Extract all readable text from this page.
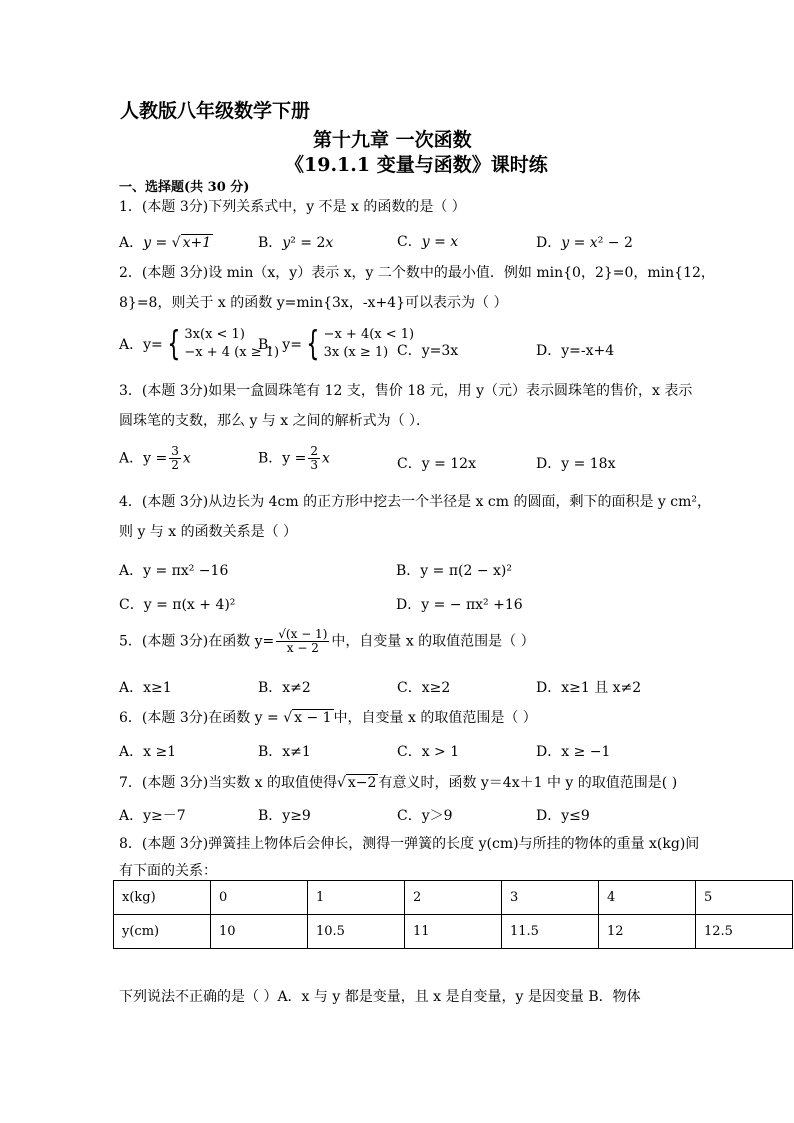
人教版八年级数学下册
第十九章 一次函数
《19.1.1 变量与函数》课时练
一、选择题(共 30 分)
1．(本题 3分)下列关系式中，y 不是 x 的函数的是（ ）
A．y = √ x+1	B．y² = 2x	C．y = x	D．y = x² − 2
2．(本题 3分)设 min（x，y）表示 x，y 二个数中的最小值．例如 min{0，2}=0，min{12，
8}=8，则关于 x 的函数 y=min{3x，-x+4}可以表示为（ ）
A．y= { 3x(x < 1)
−x + 4 (x ≥ 1)
B．y= { −x + 4(x < 1)
3x (x ≥ 1) C．y=3x	D．y=-x+4
3．(本题 3分)如果一盒圆珠笔有 12 支，售价 18 元，用 y（元）表示圆珠笔的售价，x 表示
圆珠笔的支数，那么 y 与 x 之间的解析式为（ ）．
A．$y = \frac{3}{2}$ x	B．$y = \frac{2}{3}$ x	C．y = 12x	D．y = 18x
4．(本题 3分)从边长为 4cm 的正方形中挖去一个半径是 x cm 的圆面，剩下的面积是 y cm²，
则 y 与 x 的函数关系是（ ）
A．y = πx² −16	B．y = π(2 − x)²
C．y = π(x + 4)²	D．y = − πx² +16
5．(本题 3分)在函数 $y= \frac{√(x - 1)}{x - 2}$ 中，自变量 x 的取值范围是（ ）
A．x≥1	B．x≠2	C．x≥2	D．x≥1 且 x≠2
6．(本题 3分)在函数 y = √ x − 1 中，自变量 x 的取值范围是（ ）
A．x ≥1	B．x≠1	C．x > 1	D．x ≥ −1
7．(本题 3分)当实数 x 的取值使得√ x−2 有意义时，函数 y＝4x＋1 中 y 的取值范围是( )
A．y≥－7	B．y≥9	C．y＞9	D．y≤9
8．(本题 3分)弹簧挂上物体后会伸长，测得一弹簧的长度 y(cm)与所挂的物体的重量 x(kg)间
有下面的关系：
x(kg)	0	1	2	3	4	5
y(cm)	10	10.5	11	11.5	12	12.5
下列说法不正确的是（ ）A．x 与 y 都是变量，且 x 是自变量，y 是因变量 B．物体
